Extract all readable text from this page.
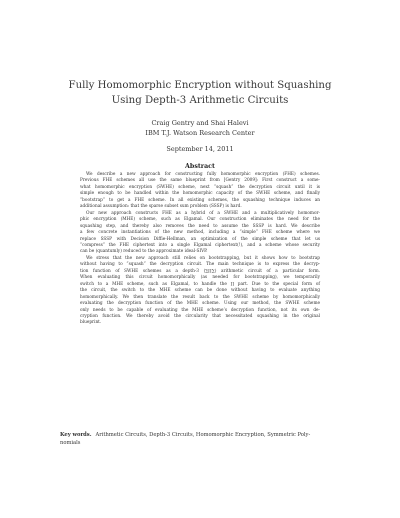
Fully Homomorphic Encryption without Squashing
Using Depth-3 Arithmetic Circuits
Craig Gentry and Shai Halevi
IBM T.J. Watson Research Center
September 14, 2011
Abstract
We describe a new approach for constructing fully homomorphic encryption (FHE) schemes.
Previous FHE schemes all use the same blueprint from [Gentry 2009]: First construct a some-
what homomorphic encryption (SWHE) scheme, next “squash” the decryption circuit until it is
simple enough to be handled within the homomorphic capacity of the SWHE scheme, and finally
“bootstrap” to get a FHE scheme. In all existing schemes, the squashing technique induces an
additional assumption: that the sparse subset sum problem (SSSP) is hard.
Our new approach constructs FHE as a hybrid of a SWHE and a multiplicatively homomor-
phic encryption (MHE) scheme, such as Elgamal. Our construction eliminates the need for the
squashing step, and thereby also removes the need to assume the SSSP is hard. We describe
a few concrete instantiations of the new method, including a “simple” FHE scheme where we
replace SSSP with Decision Diffie-Hellman, an optimization of the simple scheme that let us
“compress” the FHE ciphertext into a single Elgamal ciphertext(!), and a scheme whose security
can be (quantumly) reduced to the approximate ideal-SIVP.
We stress that the new approach still relies on bootstrapping, but it shows how to bootstrap
without having to “squash” the decryption circuit. The main technique is to express the decryp-
tion function of SWHE schemes as a depth-3 (∑∏∑) arithmetic circuit of a particular form.
When evaluating this circuit homomorphically (as needed for bootstrapping), we temporarily
switch to a MHE scheme, such as Elgamal, to handle the ∏ part. Due to the special form of
the circuit, the switch to the MHE scheme can be done without having to evaluate anything
homomorphically. We then translate the result back to the SWHE scheme by homomorphically
evaluating the decryption function of the MHE scheme. Using our method, the SWHE scheme
only needs to be capable of evaluating the MHE scheme’s decryption function, not its own de-
cryption function. We thereby avoid the circularity that necessitated squashing in the original
blueprint.
Key words. Arithmetic Circuits, Depth-3 Circuits, Homomorphic Encryption, Symmetric Poly-
nomials
